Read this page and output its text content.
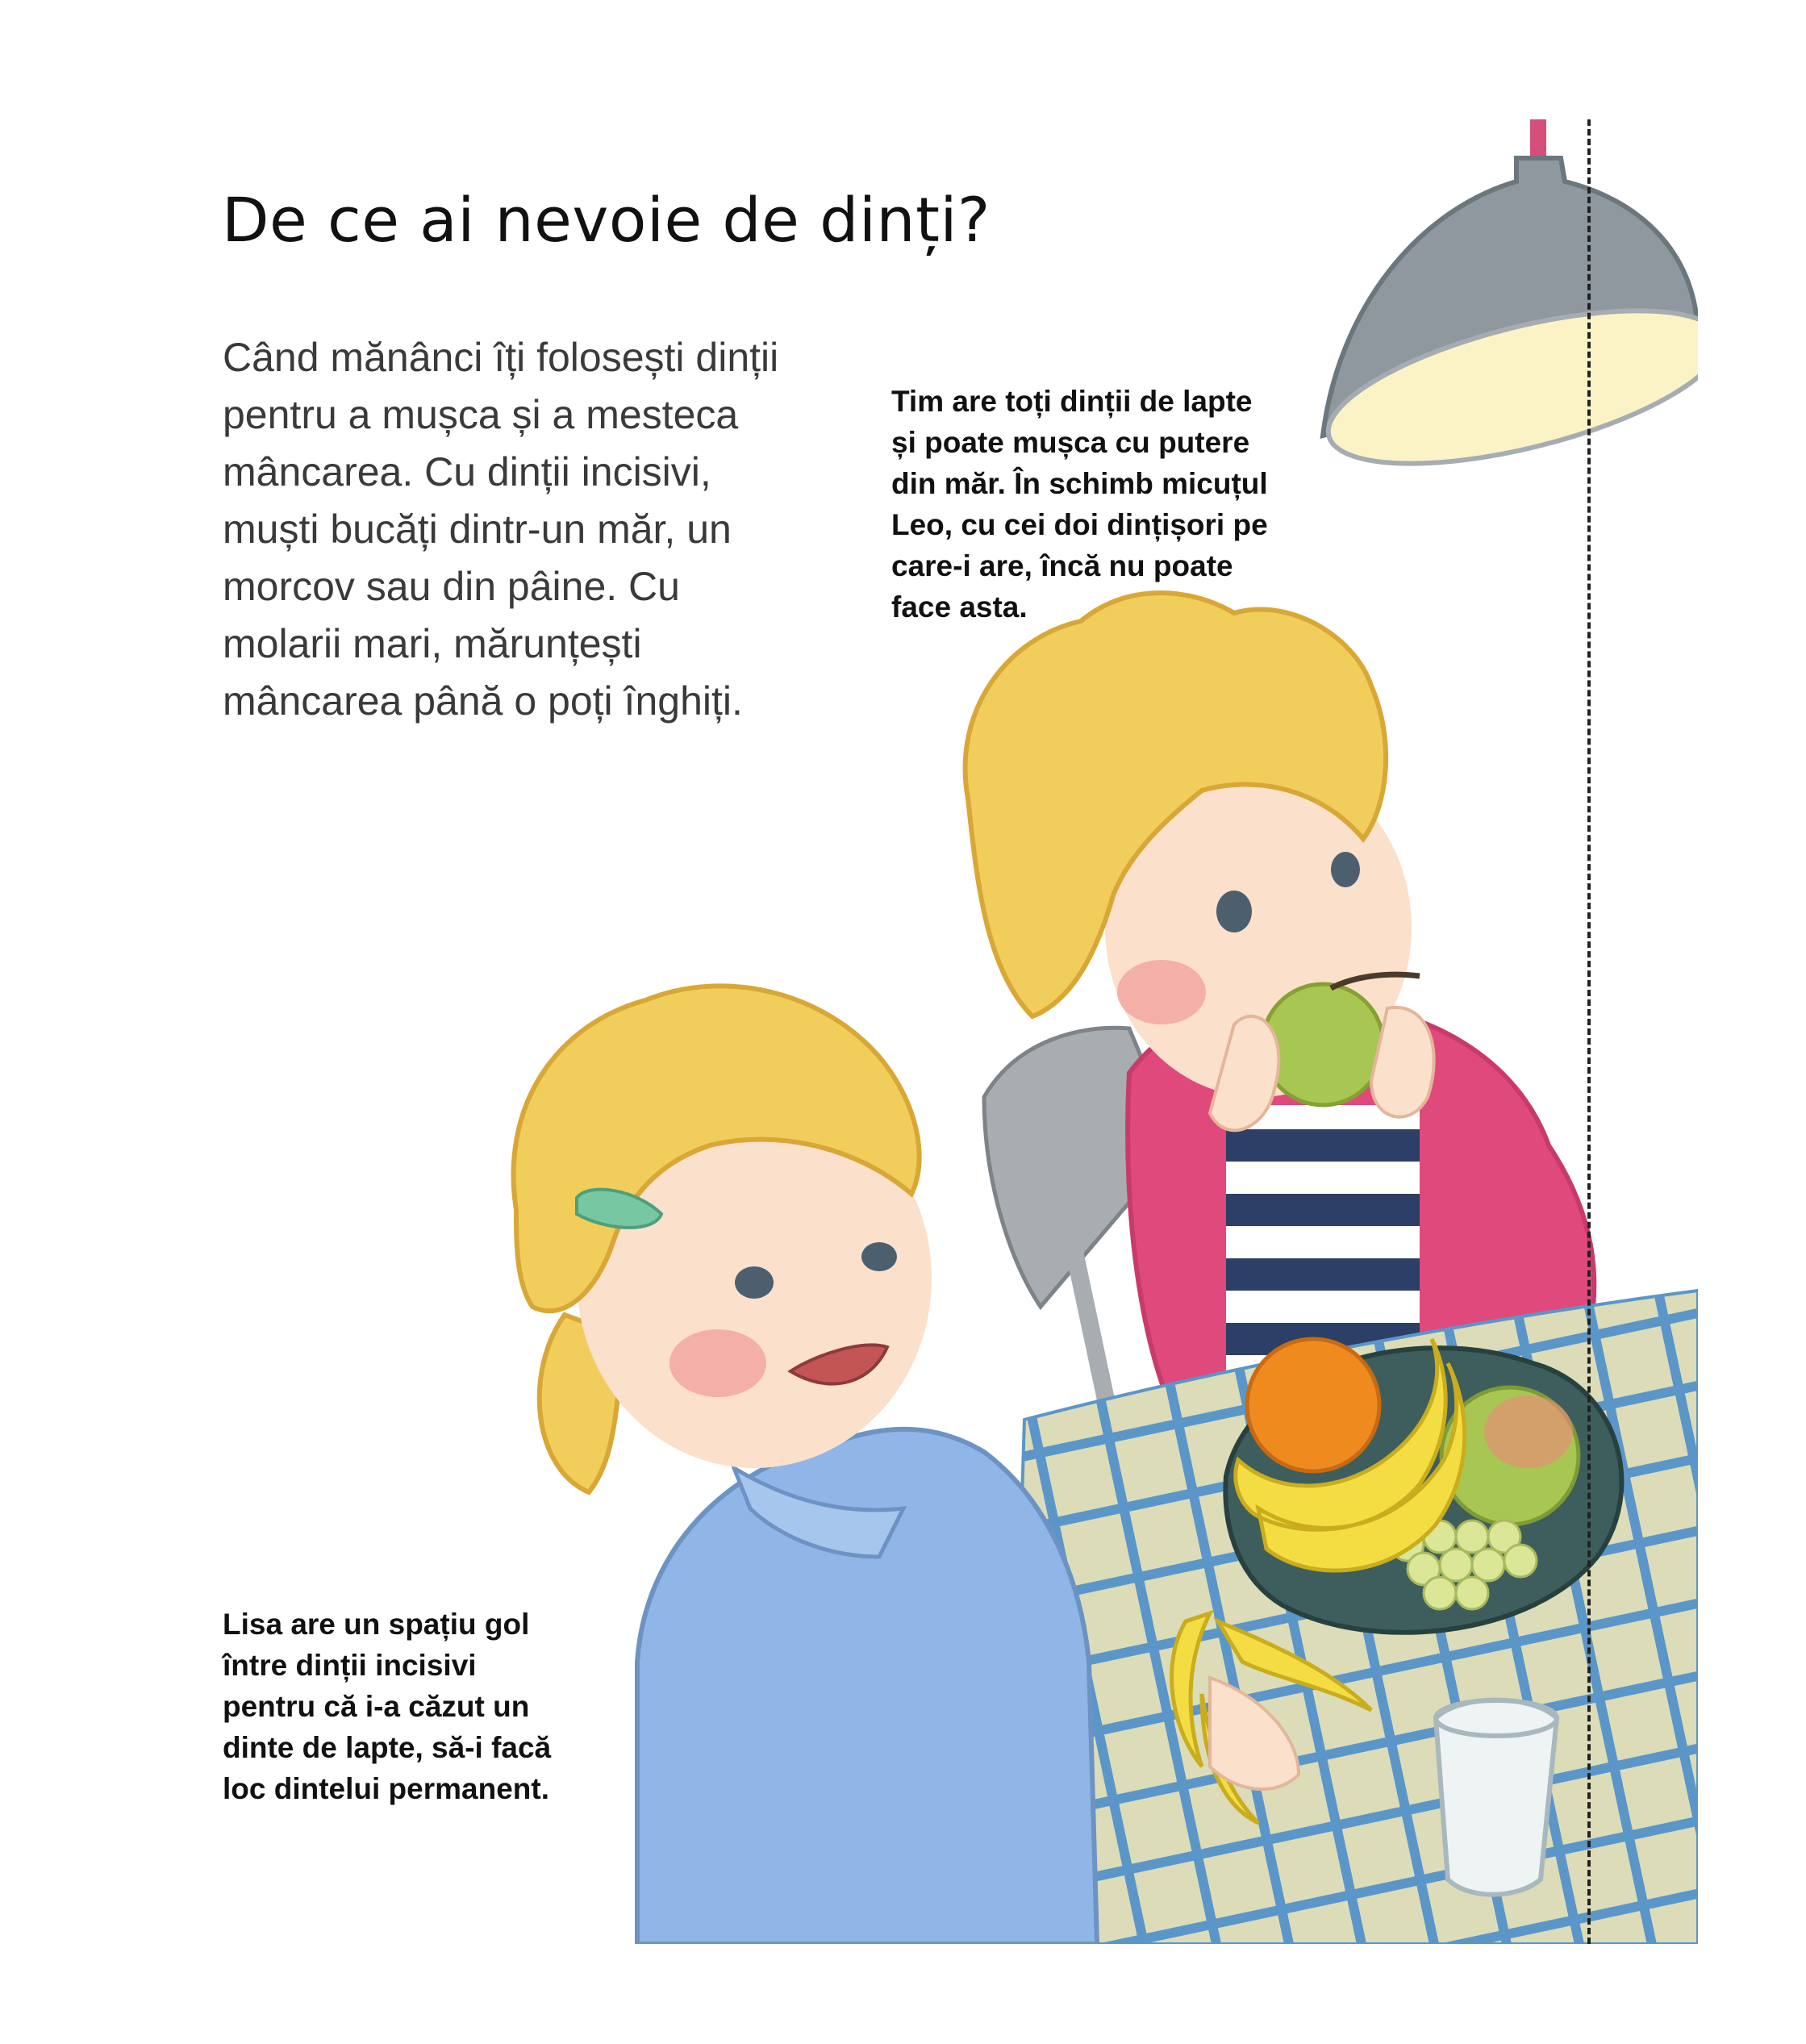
De ce ai nevoie de dinți?

Când mănânci îți folosești dinții pentru a mușca și a mesteca mâncarea. Cu dinții incisivi, muști bucăți dintr-un măr, un morcov sau din pâine. Cu molarii mari, mărunțești mâncarea până o poți înghiți.

Tim are toți dinții de lapte
și poate mușca cu putere
din măr. În schimb micuțul
Leo, cu cei doi dințișori pe
care-i are, încă nu poate
face asta.

Lisa are un spațiu gol
între dinții incisivi
pentru că i-a căzut un
dinte de lapte, să-i facă
loc dintelui permanent.
